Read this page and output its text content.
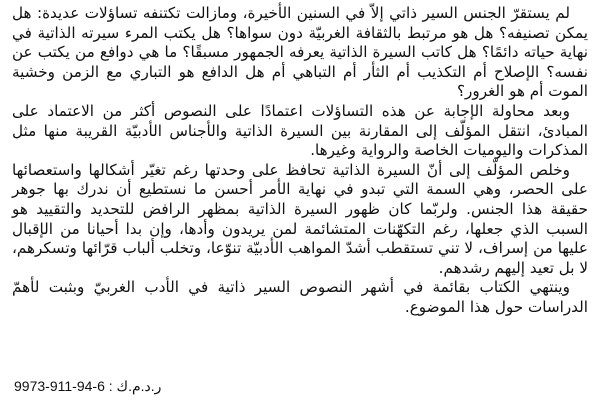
لم يستقرّ الجنس السير ذاتي إلاّ في السنين الأخيرة، ومازالت تكتنفه تساؤلات عديدة: هل يمكن تصنيفه؟ هل هو مرتبط بالثقافة الغربيّة دون سواها؟ هل يكتب المرء سيرته الذاتية في نهاية حياته دائمًا؟ هل كاتب السيرة الذاتية يعرفه الجمهور مسبقًا؟ ما هي دوافع من يكتب عن نفسه؟ الإصلاح أم التكذيب أم الثأر أم التباهي أم هل الدافع هو التباري مع الزمن وخشية الموت أم هو الغرور؟

وبعد محاولة الإجابة عن هذه التساؤلات اعتمادًا على النصوص أكثر من الاعتماد على المبادئ، انتقل المؤلّف إلى المقارنة بين السيرة الذاتية والأجناس الأدبيّة القريبة منها مثل المذكرات واليوميات الخاصة والرواية وغيرها.

وخلص المؤلّف إلى أنّ السيرة الذاتية تحافظ على وحدتها رغم تغيّر أشكالها واستعصائها على الحصر، وهي السمة التي تبدو في نهاية الأمر أحسن ما نستطيع أن ندرك بها جوهر حقيقة هذا الجنس. ولربّما كان ظهور السيرة الذاتية بمظهر الرافض للتحديد والتقييد هو السبب الذي جعلها، رغم التكهّنات المتشائمة لمن يريدون وأدها، وإن بدا أحيانا من الإقبال عليها من إسراف، لا تني تستقطب أشدّ المواهب الأدبيّة تنوّعا، وتخلب ألباب قرّائها وتسكرهم، لا بل تعيد إليهم رشدهم.

وينتهي الكتاب بقائمة في أشهر النصوص السير ذاتية في الأدب الغربيّ وبثبت لأهمّ الدراسات حول هذا الموضوع.

ر.د.م.ك : 6-94-911-9973
